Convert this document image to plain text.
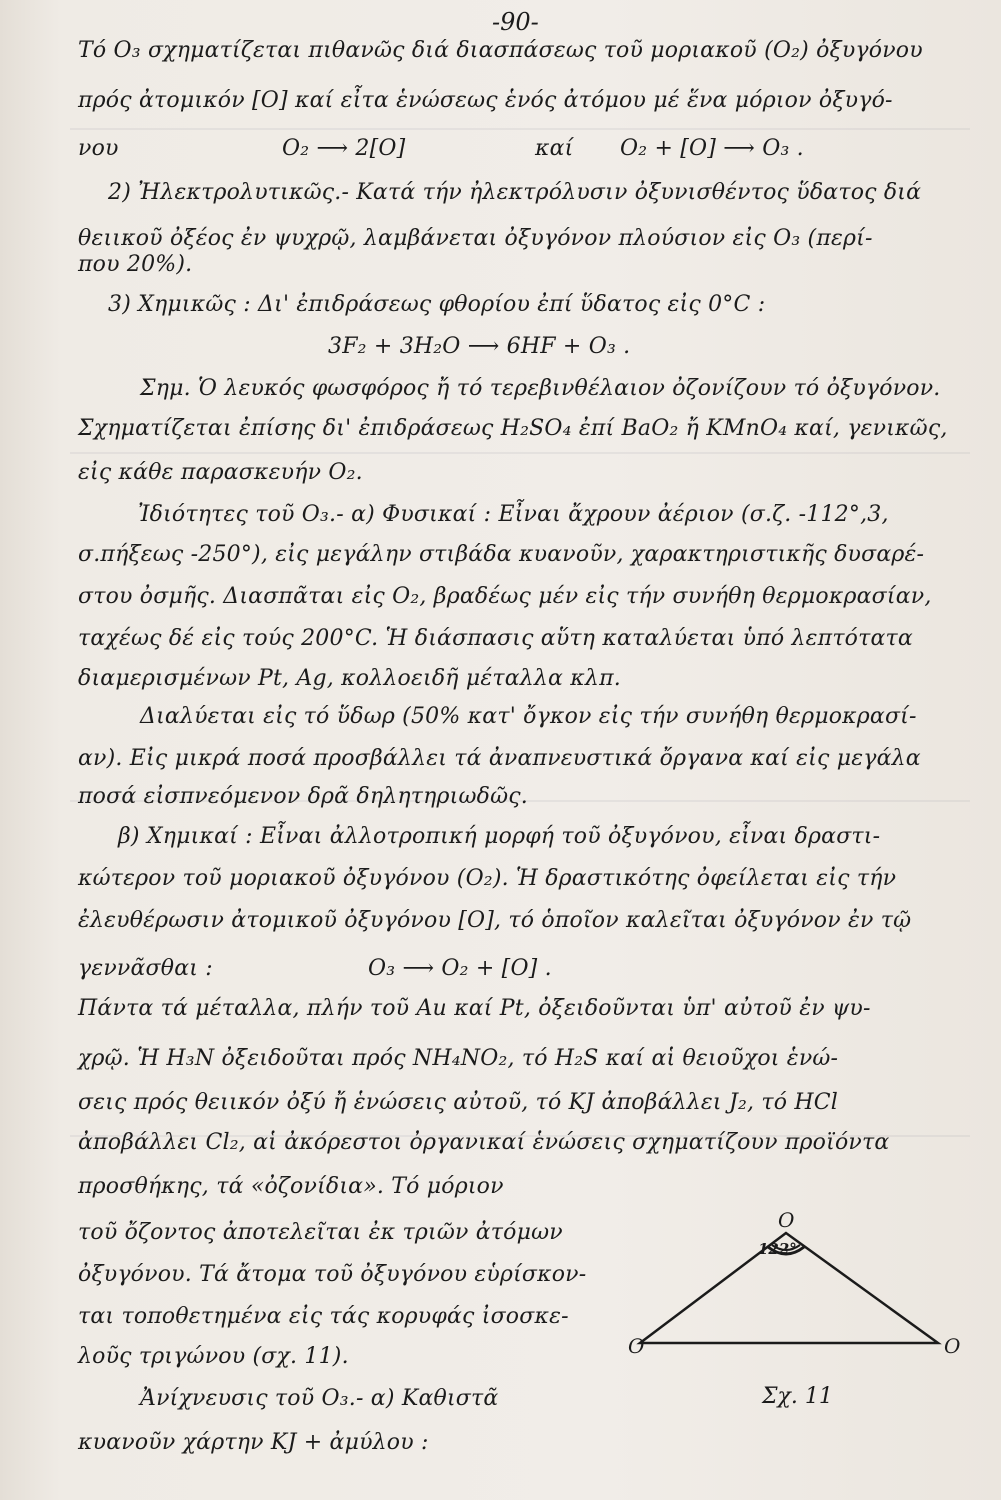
-90-
Τό O₃ σχηματίζεται πιθανῶς διά διασπάσεως τοῦ μοριακοῦ (O₂) ὀξυγόνου
πρός ἀτομικόν [O] καί εἶτα ἑνώσεως ἑνός ἀτόμου μέ ἕνα μόριον ὀξυγό-
νου	O₂ ⟶ 2[O]	καί	O₂ + [O] ⟶ O₃ .
2) Ἠλεκτρολυτικῶς.- Κατά τήν ἠλεκτρόλυσιν ὀξυνισθέντος ὕδατος διά
θειικοῦ ὀξέος ἐν ψυχρῷ, λαμβάνεται ὀξυγόνον πλούσιον εἰς O₃ (περί-
που 20%).
3) Χημικῶς : Δι' ἐπιδράσεως φθορίου ἐπί ὕδατος εἰς 0°C :
3F₂ + 3H₂O ⟶ 6HF + O₃ .
Σημ. Ὁ λευκός φωσφόρος ἤ τό τερεβινθέλαιον ὀζονίζουν τό ὀξυγόνον.
Σχηματίζεται ἐπίσης δι' ἐπιδράσεως H₂SO₄ ἐπί BaO₂ ἤ KMnO₄ καί, γενικῶς,
εἰς κάθε παρασκευήν O₂.
Ἰδιότητες τοῦ O₃.- α) Φυσικαί : Εἶναι ἄχρουν ἀέριον (σ.ζ. -112°,3,
σ.πήξεως -250°), εἰς μεγάλην στιβάδα κυανοῦν, χαρακτηριστικῆς δυσαρέ-
στου ὀσμῆς. Διασπᾶται εἰς O₂, βραδέως μέν εἰς τήν συνήθη θερμοκρασίαν,
ταχέως δέ εἰς τούς 200°C. Ἡ διάσπασις αὕτη καταλύεται ὑπό λεπτότατα
διαμερισμένων Pt, Ag, κολλοειδῆ μέταλλα κλπ.
Διαλύεται εἰς τό ὕδωρ (50% κατ' ὄγκον εἰς τήν συνήθη θερμοκρασί-
αν). Εἰς μικρά ποσά προσβάλλει τά ἀναπνευστικά ὄργανα καί εἰς μεγάλα
ποσά εἰσπνεόμενον δρᾶ δηλητηριωδῶς.
β) Χημικαί : Εἶναι ἀλλοτροπική μορφή τοῦ ὀξυγόνου, εἶναι δραστι-
κώτερον τοῦ μοριακοῦ ὀξυγόνου (O₂). Ἡ δραστικότης ὀφείλεται εἰς τήν
ἐλευθέρωσιν ἀτομικοῦ ὀξυγόνου [O], τό ὁποῖον καλεῖται ὀξυγόνον ἐν τῷ
γεννᾶσθαι :	O₃ ⟶ O₂ + [O] .
Πάντα τά μέταλλα, πλήν τοῦ Au καί Pt, ὀξειδοῦνται ὑπ' αὐτοῦ ἐν ψυ-
χρῷ. Ἡ H₃N ὀξειδοῦται πρός NH₄NO₂, τό H₂S καί αἱ θειοῦχοι ἑνώ-
σεις πρός θειικόν ὀξύ ἤ ἑνώσεις αὐτοῦ, τό KJ ἀποβάλλει J₂, τό HCl
ἀποβάλλει Cl₂, αἱ ἀκόρεστοι ὀργανικαί ἑνώσεις σχηματίζουν προϊόντα
προσθήκης, τά «ὀζονίδια». Τό μόριον
τοῦ ὄζοντος ἀποτελεῖται ἐκ τριῶν ἀτόμων
ὀξυγόνου. Τά ἄτομα τοῦ ὀξυγόνου εὑρίσκον-
ται τοποθετημένα εἰς τάς κορυφάς ἰσοσκε-
λοῦς τριγώνου (σχ. 11).
Ἀνίχνευσις τοῦ O₃.- α) Καθιστᾶ
κυανοῦν χάρτην KJ + ἀμύλου :
O
122°
O	O
Σχ. 11
